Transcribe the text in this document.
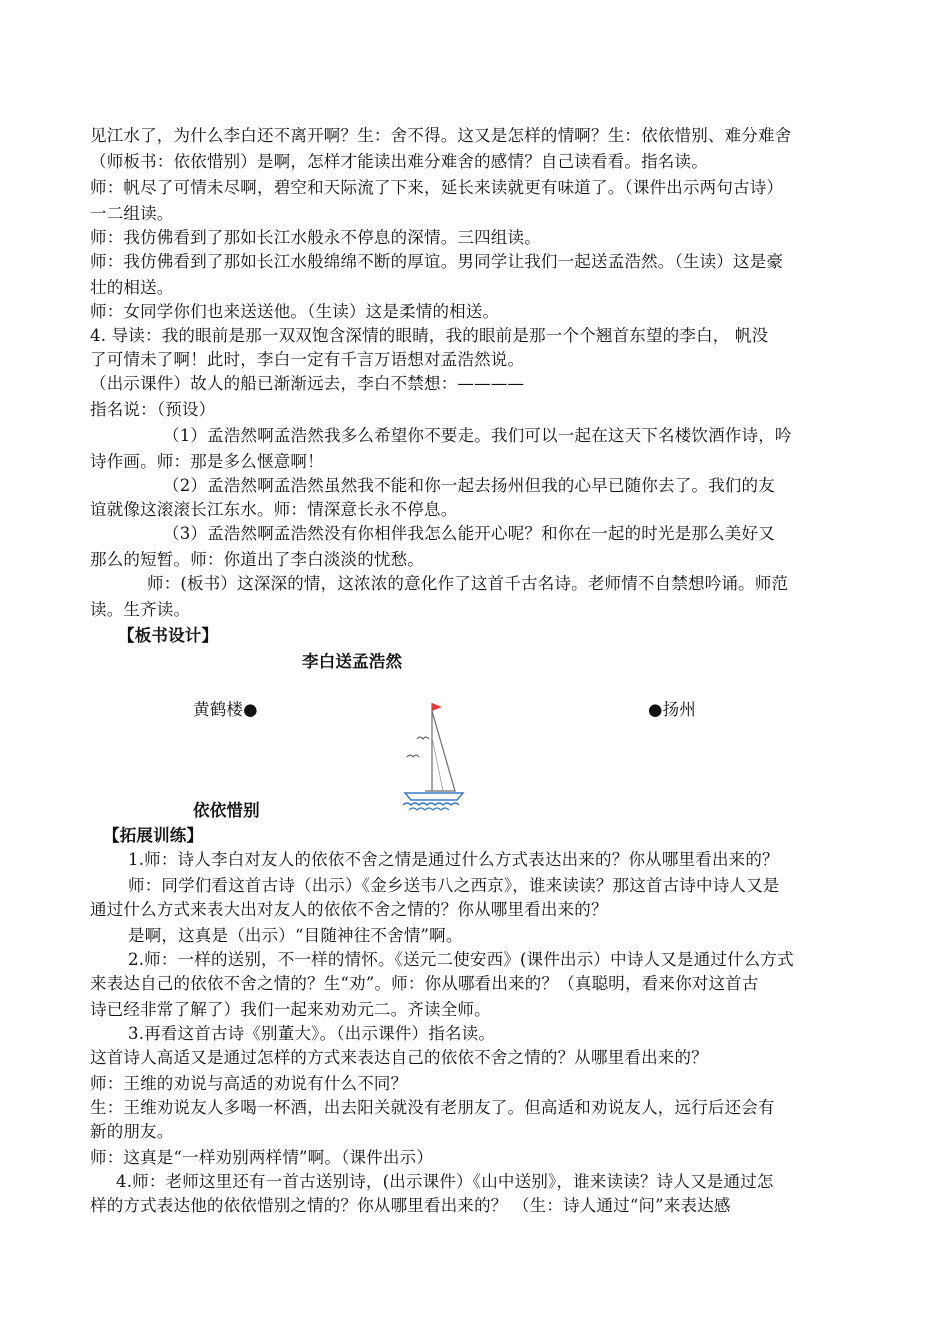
见江水了，为什么李白还不离开啊？生：舍不得。这又是怎样的情啊？生：依依惜别、难分难舍
（师板书：依依惜别）是啊，怎样才能读出难分难舍的感情？自己读看看。指名读。
师：帆尽了可情未尽啊，碧空和天际流了下来，延长来读就更有味道了。（课件出示两句古诗）
一二组读。
师：我仿佛看到了那如长江水般永不停息的深情。三四组读。
师：我仿佛看到了那如长江水般绵绵不断的厚谊。男同学让我们一起送孟浩然。（生读）这是豪
壮的相送。
师：女同学你们也来送送他。（生读）这是柔情的相送。
4. 导读：我的眼前是那一双双饱含深情的眼睛，我的眼前是那一个个翘首东望的李白， 帆没
了可情未了啊！此时，李白一定有千言万语想对孟浩然说。
（出示课件）故人的船已渐渐远去，李白不禁想：————
指名说：（预设）
（1）孟浩然啊孟浩然我多么希望你不要走。我们可以一起在这天下名楼饮酒作诗，吟
诗作画。师：那是多么惬意啊！
（2）孟浩然啊孟浩然虽然我不能和你一起去扬州但我的心早已随你去了。我们的友
谊就像这滚滚长江东水。师：情深意长永不停息。
（3）孟浩然啊孟浩然没有你相伴我怎么能开心呢？和你在一起的时光是那么美好又
那么的短暂。师：你道出了李白淡淡的忧愁。
师：(板书）这深深的情，这浓浓的意化作了这首千古名诗。老师情不自禁想吟诵。师范
读。生齐读。
【板书设计】
李白送孟浩然
黄鹤楼●	●扬州
依依惜别
【拓展训练】
1.师：诗人李白对友人的依依不舍之情是通过什么方式表达出来的？你从哪里看出来的？
师：同学们看这首古诗（出示）《金乡送韦八之西京》，谁来读读？那这首古诗中诗人又是
通过什么方式来表大出对友人的依依不舍之情的？你从哪里看出来的？
是啊，这真是（出示）“目随神往不舍情”啊。
2.师：一样的送别，不一样的情怀。《送元二使安西》(课件出示）中诗人又是通过什么方式
来表达自己的依依不舍之情的？生“劝”。师：你从哪看出来的？（真聪明，看来你对这首古
诗已经非常了解了）我们一起来劝劝元二。齐读全师。
3.再看这首古诗《别董大》。（出示课件）指名读。
这首诗人高适又是通过怎样的方式来表达自己的依依不舍之情的？从哪里看出来的？
师：王维的劝说与高适的劝说有什么不同？
生：王维劝说友人多喝一杯酒，出去阳关就没有老朋友了。但高适和劝说友人，远行后还会有
新的朋友。
师：这真是“一样劝别两样情”啊。（课件出示）
4.师：老师这里还有一首古送别诗，(出示课件）《山中送别》，谁来读读？诗人又是通过怎
样的方式表达他的依依惜别之情的？你从哪里看出来的？ （生：诗人通过“问”来表达感
